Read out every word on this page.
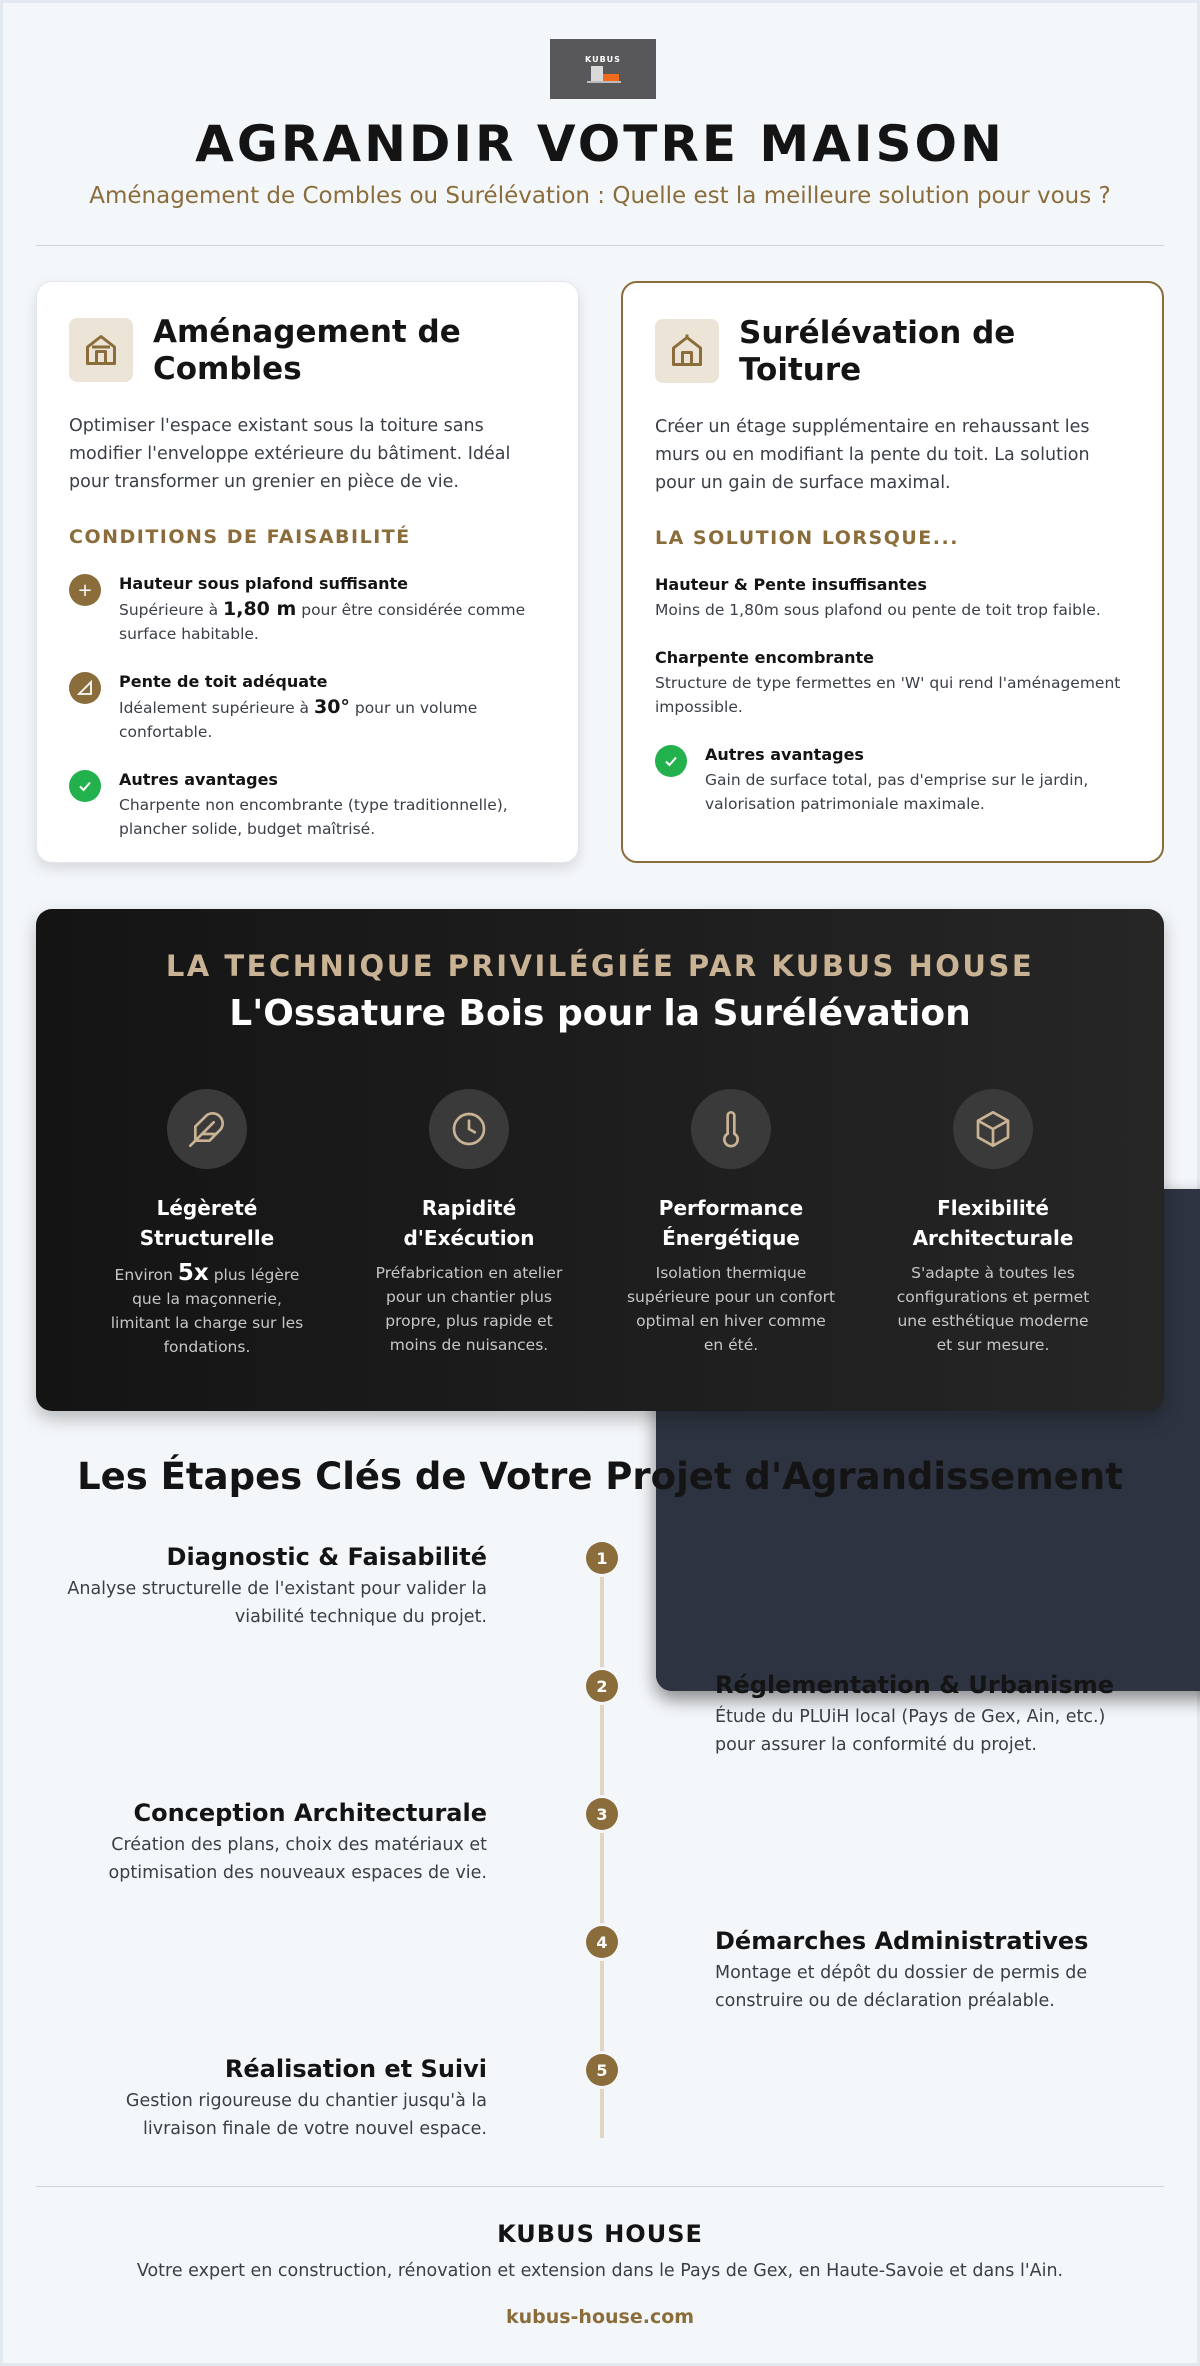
KUBUS
AGRANDIR VOTRE MAISON
Aménagement de Combles ou Surélévation : Quelle est la meilleure solution pour vous ?
Aménagement de Combles

Optimiser l'espace existant sous la toiture sans modifier l'enveloppe extérieure du bâtiment. Idéal pour transformer un grenier en pièce de vie.

CONDITIONS DE FAISABILITÉ
+	Hauteur sous plafond suffisante
Supérieure à 1,80 m pour être considérée comme surface habitable.
Pente de toit adéquate
Idéalement supérieure à 30° pour un volume confortable.
Autres avantages
Charpente non encombrante (type traditionnelle), plancher solide, budget maîtrisé.
Surélévation de Toiture

Créer un étage supplémentaire en rehaussant les murs ou en modifiant la pente du toit. La solution pour un gain de surface maximal.

LA SOLUTION LORSQUE...
Hauteur & Pente insuffisantes
Moins de 1,80m sous plafond ou pente de toit trop faible.
Charpente encombrante
Structure de type fermettes en 'W' qui rend l'aménagement impossible.
Autres avantages
Gain de surface total, pas d'emprise sur le jardin, valorisation patrimoniale maximale.
LA TECHNIQUE PRIVILÉGIÉE PAR KUBUS HOUSE
L'Ossature Bois pour la Surélévation
Légèreté Structurelle
Environ 5x plus légère que la maçonnerie, limitant la charge sur les fondations.
Rapidité d'Exécution
Préfabrication en atelier pour un chantier plus propre, plus rapide et moins de nuisances.
Performance Énergétique
Isolation thermique supérieure pour un confort optimal en hiver comme en été.
Flexibilité Architecturale
S'adapte à toutes les configurations et permet une esthétique moderne et sur mesure.
Les Étapes Clés de Votre Projet d'Agrandissement
Diagnostic & Faisabilité
Analyse structurelle de l'existant pour valider la viabilité technique du projet.
1
2	Réglementation & Urbanisme
Étude du PLUiH local (Pays de Gex, Ain, etc.) pour assurer la conformité du projet.
Conception Architecturale
Création des plans, choix des matériaux et optimisation des nouveaux espaces de vie.
3
4	Démarches Administratives
Montage et dépôt du dossier de permis de construire ou de déclaration préalable.
Réalisation et Suivi
Gestion rigoureuse du chantier jusqu'à la livraison finale de votre nouvel espace.
5
KUBUS HOUSE
Votre expert en construction, rénovation et extension dans le Pays de Gex, en Haute-Savoie et dans l'Ain.
kubus-house.com
